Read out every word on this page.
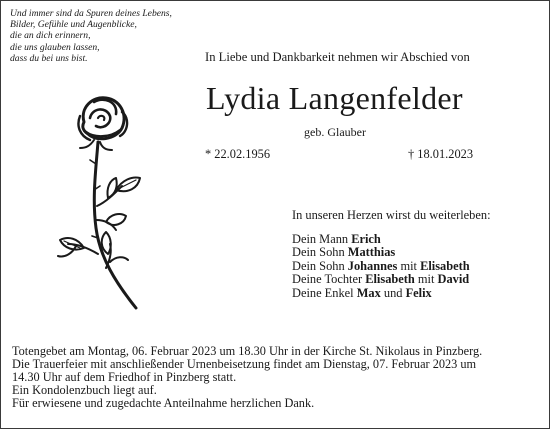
Und immer sind da Spuren deines Lebens,
Bilder, Gefühle und Augenblicke,
die an dich erinnern,
die uns glauben lassen,
dass du bei uns bist.	In Liebe und Dankbarkeit nehmen wir Abschied von
Lydia Langenfelder
geb. Glauber
* 22.02.1956	† 18.01.2023
In unseren Herzen wirst du weiterleben:
Dein Mann Erich
Dein Sohn Matthias
Dein Sohn Johannes mit Elisabeth
Deine Tochter Elisabeth mit David
Deine Enkel Max und Felix
Totengebet am Montag, 06. Februar 2023 um 18.30 Uhr in der Kirche St. Nikolaus in Pinzberg.
Die Trauerfeier mit anschließender Urnenbeisetzung findet am Dienstag, 07. Februar 2023 um
14.30 Uhr auf dem Friedhof in Pinzberg statt.
Ein Kondolenzbuch liegt auf.
Für erwiesene und zugedachte Anteilnahme herzlichen Dank.
